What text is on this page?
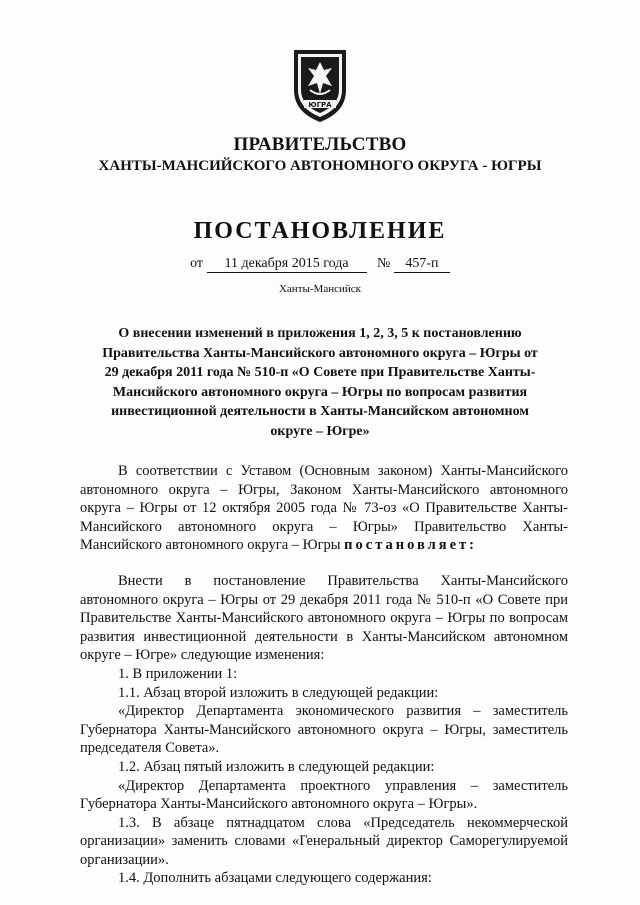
ЮГРА
ПРАВИТЕЛЬСТВО
ХАНТЫ-МАНСИЙСКОГО АВТОНОМНОГО ОКРУГА - ЮГРЫ
ПОСТАНОВЛЕНИЕ
от 11 декабря 2015 года № 457-п
Ханты-Мансийск
О внесении изменений в приложения 1, 2, 3, 5 к постановлению Правительства Ханты-Мансийского автономного округа – Югры от 29 декабря 2011 года № 510-п «О Совете при Правительстве Ханты-Мансийского автономного округа – Югры по вопросам развития инвестиционной деятельности в Ханты-Мансийском автономном округе – Югре»

В соответствии с Уставом (Основным законом) Ханты-Мансийского автономного округа – Югры, Законом Ханты-Мансийского автономного округа – Югры от 12 октября 2005 года № 73-оз «О Правительстве Ханты-Мансийского автономного округа – Югры» Правительство Ханты-Мансийского автономного округа – Югры постановляет:

Внести в постановление Правительства Ханты-Мансийского автономного округа – Югры от 29 декабря 2011 года № 510-п «О Совете при Правительстве Ханты-Мансийского автономного округа – Югры по вопросам развития инвестиционной деятельности в Ханты-Мансийском автономном округе – Югре» следующие изменения:

1. В приложении 1:

1.1. Абзац второй изложить в следующей редакции:

«Директор Департамента экономического развития – заместитель Губернатора Ханты-Мансийского автономного округа – Югры, заместитель председателя Совета».

1.2. Абзац пятый изложить в следующей редакции:

«Директор Департамента проектного управления – заместитель Губернатора Ханты-Мансийского автономного округа – Югры».

1.3. В абзаце пятнадцатом слова «Председатель некоммерческой организации» заменить словами «Генеральный директор Саморегулируемой организации».

1.4. Дополнить абзацами следующего содержания:
